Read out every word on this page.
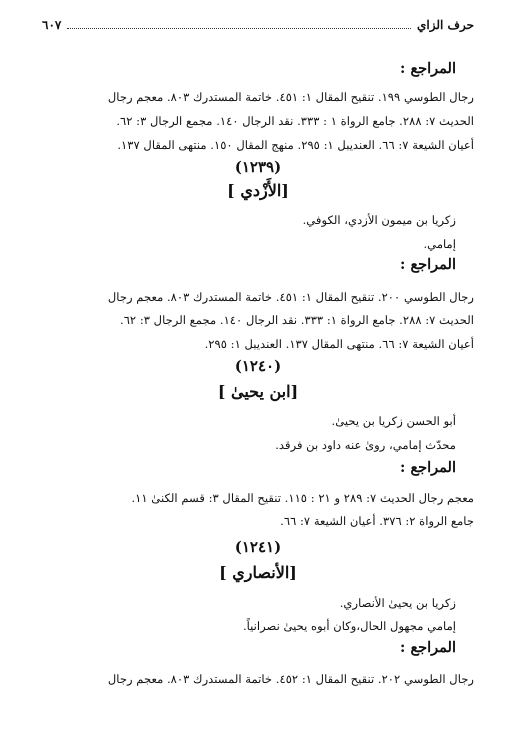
حرف الزاي
٦٠٧
المراجع :
رجال الطوسي ١٩٩. تنقيح المقال ١: ٤٥١. خاتمة المستدرك ٨٠٣. معجم رجال
الحديث ٧: ٢٨٨. جامع الرواة ١ : ٣٣٣. نقد الرجال ١٤٠. مجمع الرجال ٣: ٦٢.
أعيان الشيعة ٧: ٦٦. العنديبل ١: ٢٩٥. منهج المقال ١٥٠. منتهى المقال ١٣٧.
(١٢٣٩)
[الأَزْدي ]
زكريا بن ميمون الأزدي، الكوفي.
إمامي.
المراجع :
رجال الطوسي ٢٠٠. تنقيح المقال ١: ٤٥١. خاتمة المستدرك ٨٠٣. معجم رجال
الحديث ٧: ٢٨٨. جامع الرواة ١: ٣٣٣. نقد الرجال ١٤٠. مجمع الرجال ٣: ٦٢.
أعيان الشيعة ٧: ٦٦. منتهى المقال ١٣٧. العنديبل ١: ٢٩٥.
(١٢٤٠)
[ابن يحيىٰ ]
أبو الحسن زكريا بن يحيىٰ.
محدّث إمامي، روىٰ عنه داود بن فرقد.
المراجع :
معجم رجال الحديث ٧: ٢٨٩ و ٢١ : ١١٥. تنقيح المقال ٣: قسم الكنىٰ ١١.
جامع الرواة ٢: ٣٧٦. أعيان الشيعة ٧: ٦٦.
(١٢٤١)
[الأنصاري ]
زكريا بن يحيىٰ الأنصاري.
إمامي مجهول الحال،وكان أبوه يحيىٰ نصرانياً.
المراجع :
رجال الطوسي ٢٠٢. تنقيح المقال ١: ٤٥٢. خاتمة المستدرك ٨٠٣. معجم رجال
